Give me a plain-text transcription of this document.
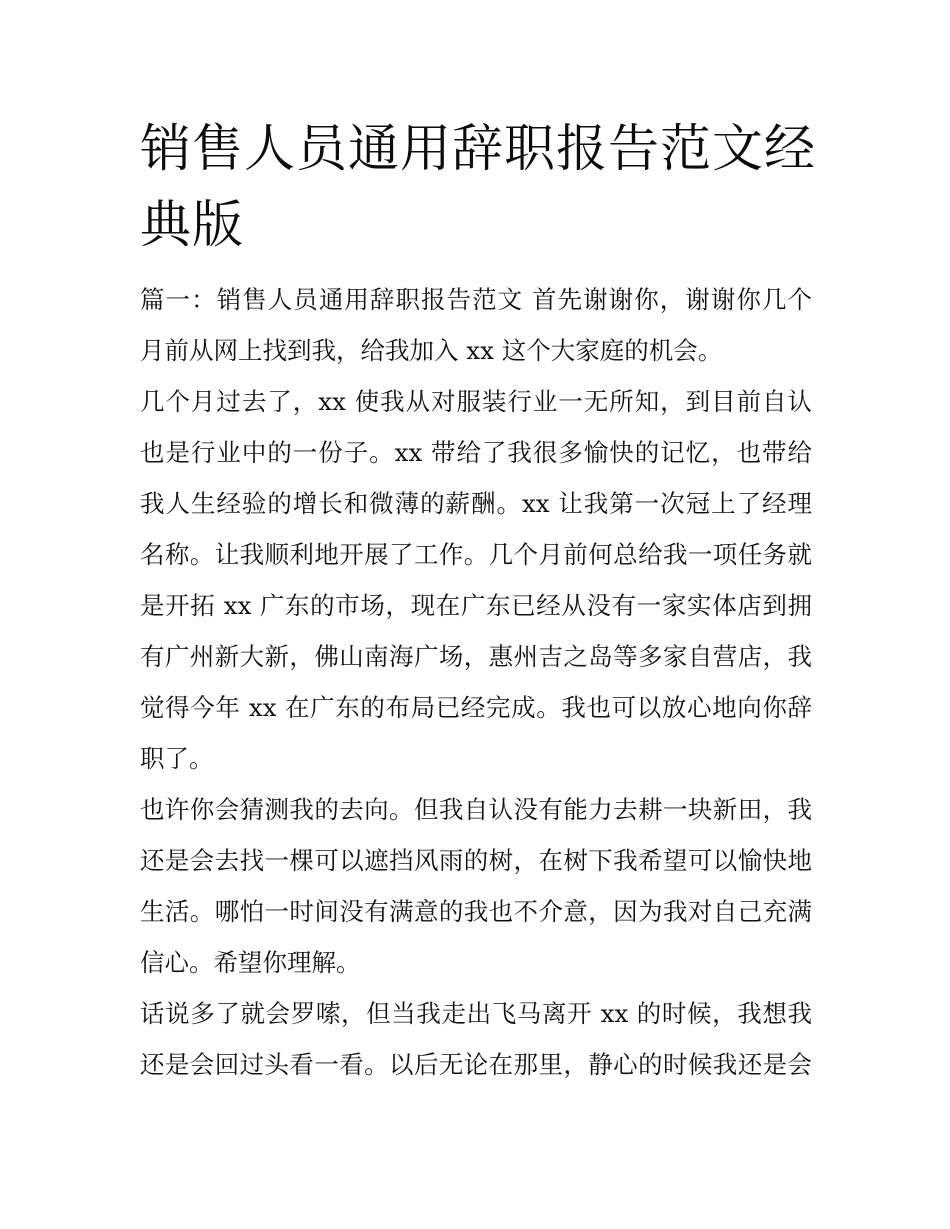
销售人员通用辞职报告范文经
典版
篇一：销售人员通用辞职报告范文 首先谢谢你，谢谢你几个
月前从网上找到我，给我加入 xx 这个大家庭的机会。
几个月过去了，xx 使我从对服装行业一无所知，到目前自认
也是行业中的一份子。xx 带给了我很多愉快的记忆，也带给
我人生经验的增长和微薄的薪酬。xx 让我第一次冠上了经理
名称。让我顺利地开展了工作。几个月前何总给我一项任务就
是开拓 xx 广东的市场，现在广东已经从没有一家实体店到拥
有广州新大新，佛山南海广场，惠州吉之岛等多家自营店，我
觉得今年 xx 在广东的布局已经完成。我也可以放心地向你辞
职了。
也许你会猜测我的去向。但我自认没有能力去耕一块新田，我
还是会去找一棵可以遮挡风雨的树，在树下我希望可以愉快地
生活。哪怕一时间没有满意的我也不介意，因为我对自己充满
信心。希望你理解。
话说多了就会罗嗦，但当我走出飞马离开 xx 的时候，我想我
还是会回过头看一看。以后无论在那里，静心的时候我还是会
